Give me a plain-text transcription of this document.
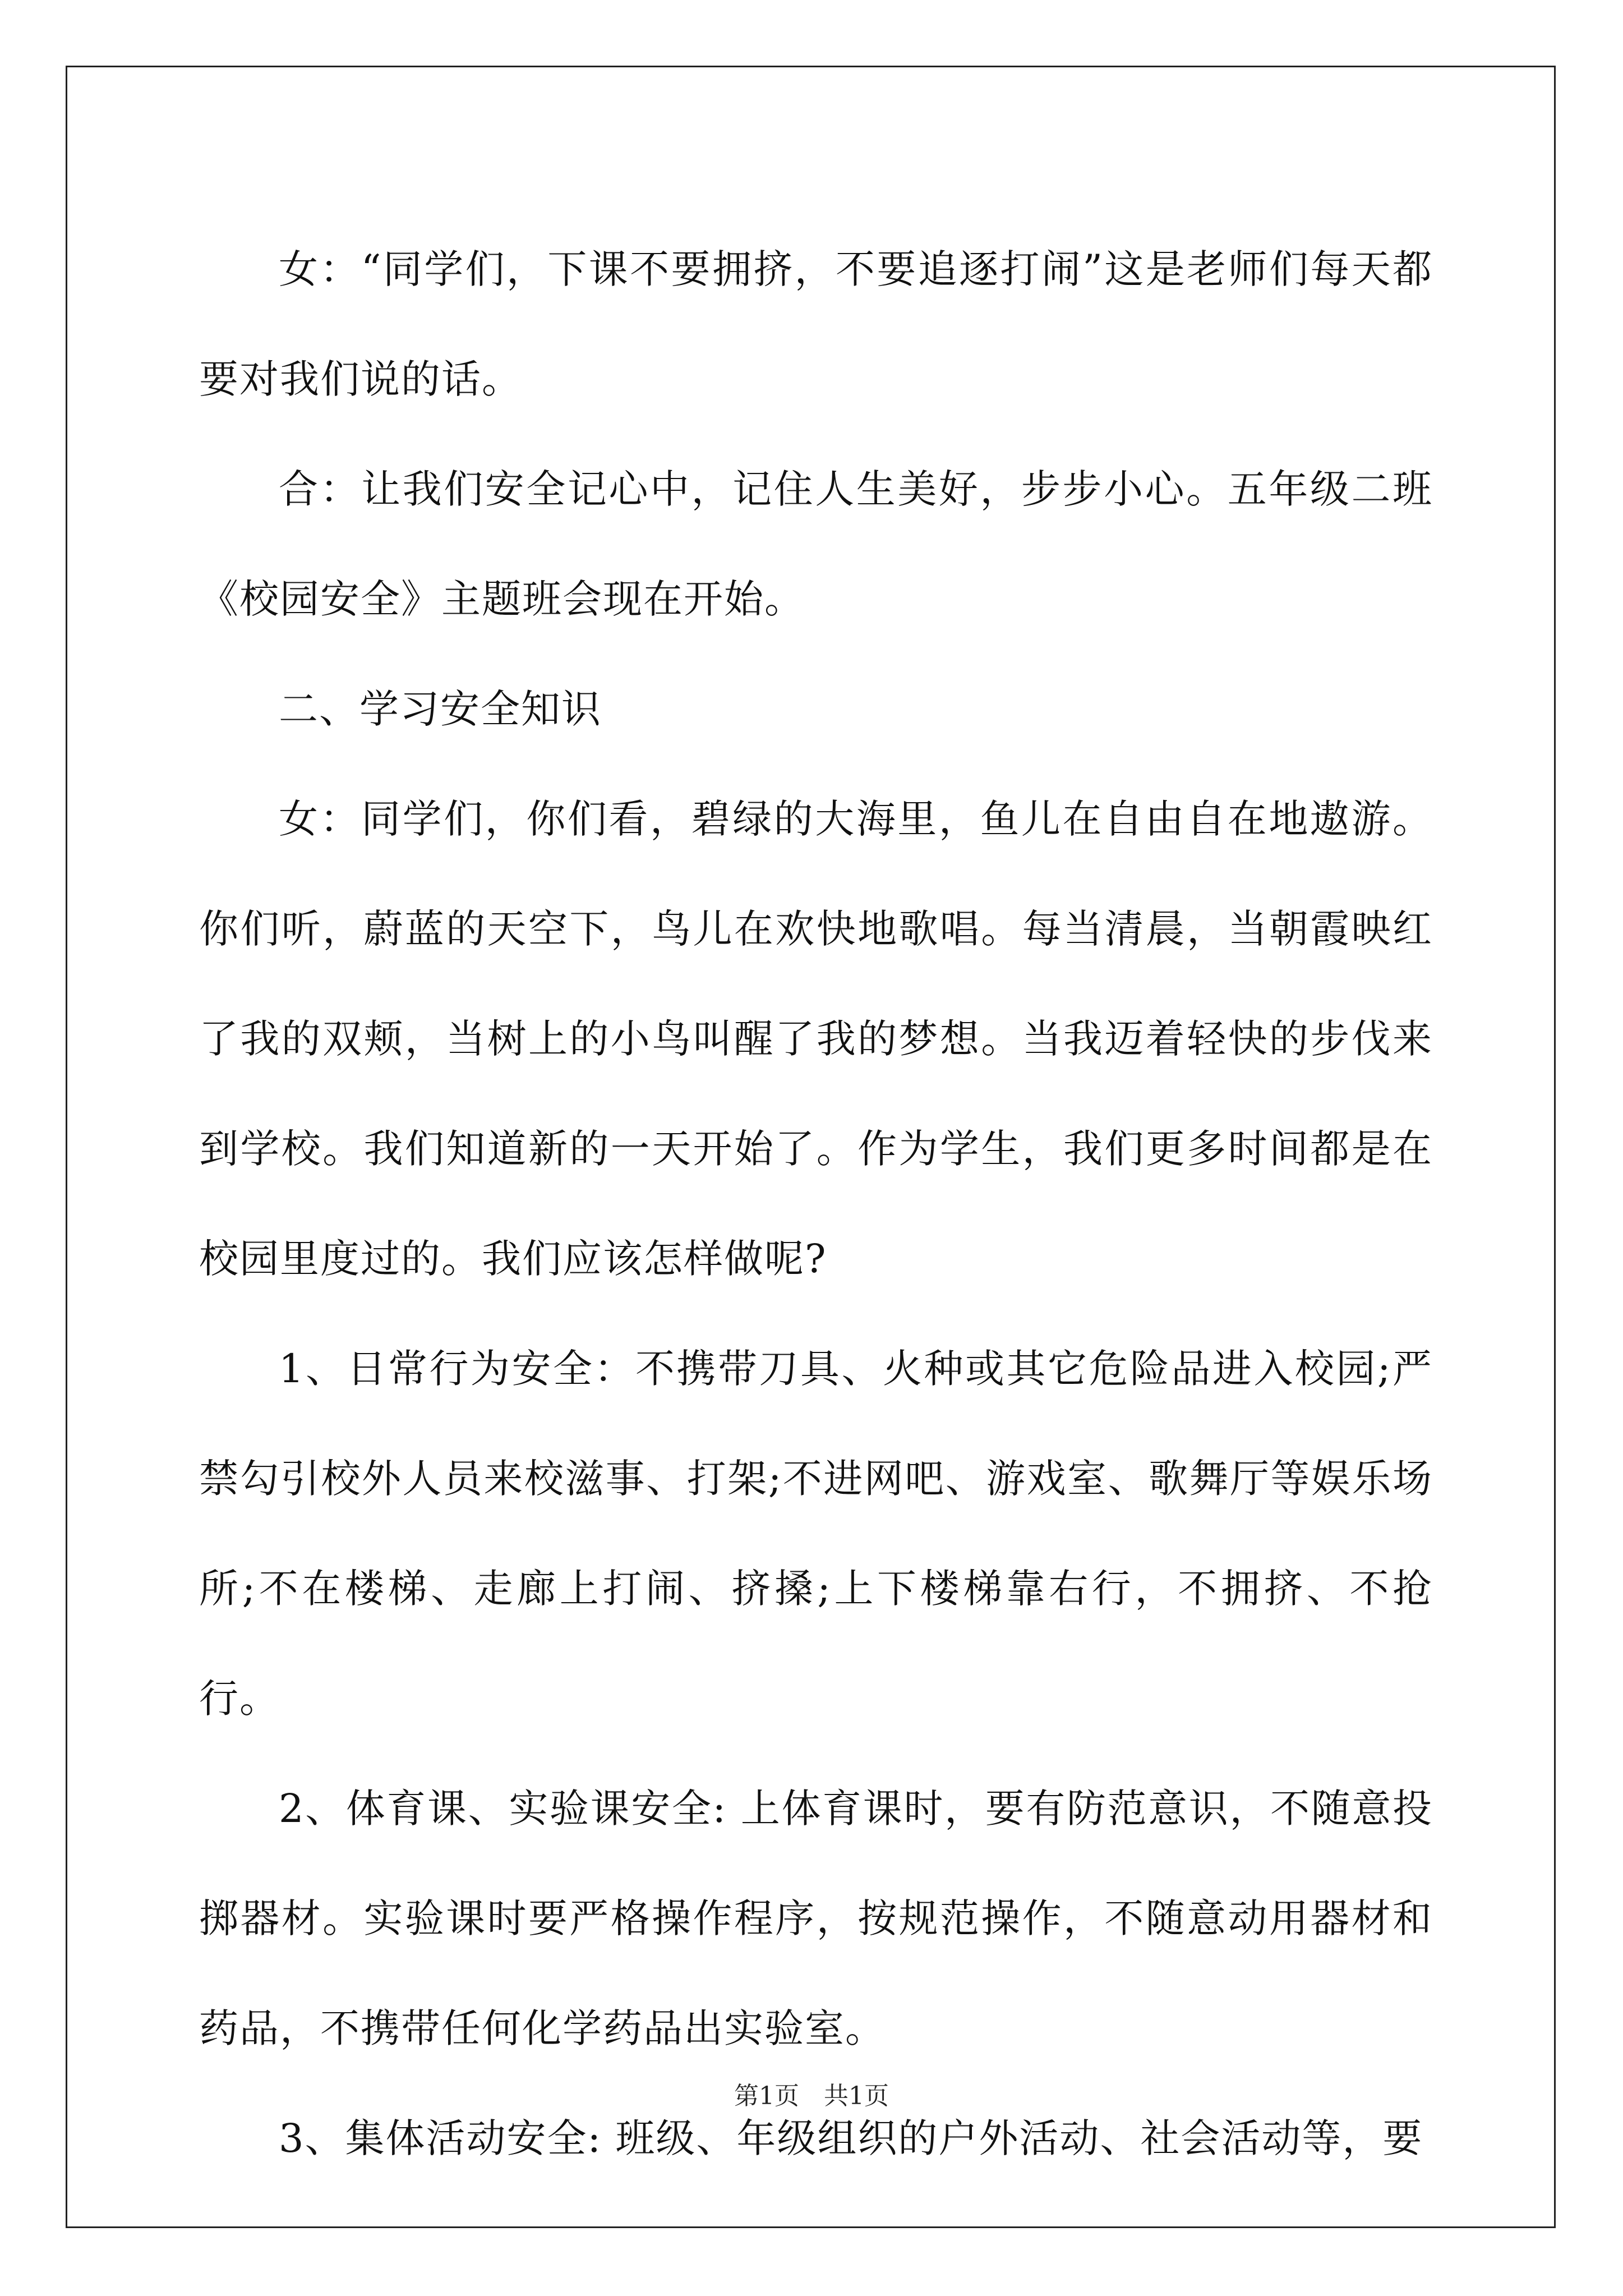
女：“同学们，下课不要拥挤，不要追逐打闹”这是老师们每天都要对我们说的话。

合：让我们安全记心中，记住人生美好，步步小心。五年级二班《校园安全》主题班会现在开始。

二、学习安全知识

女：同学们，你们看，碧绿的大海里，鱼儿在自由自在地遨游。你们听，蔚蓝的天空下，鸟儿在欢快地歌唱。每当清晨，当朝霞映红了我的双颊，当树上的小鸟叫醒了我的梦想。当我迈着轻快的步伐来到学校。我们知道新的一天开始了。作为学生，我们更多时间都是在校园里度过的。我们应该怎样做呢?

1、日常行为安全：不携带刀具、火种或其它危险品进入校园;严禁勾引校外人员来校滋事、打架;不进网吧、游戏室、歌舞厅等娱乐场所;不在楼梯、走廊上打闹、挤搡;上下楼梯靠右行，不拥挤、不抢行。

2、体育课、实验课安全: 上体育课时，要有防范意识，不随意投掷器材。实验课时要严格操作程序，按规范操作，不随意动用器材和药品，不携带任何化学药品出实验室。

3、集体活动安全: 班级、年级组织的户外活动、社会活动等，要

第1页　共1页
